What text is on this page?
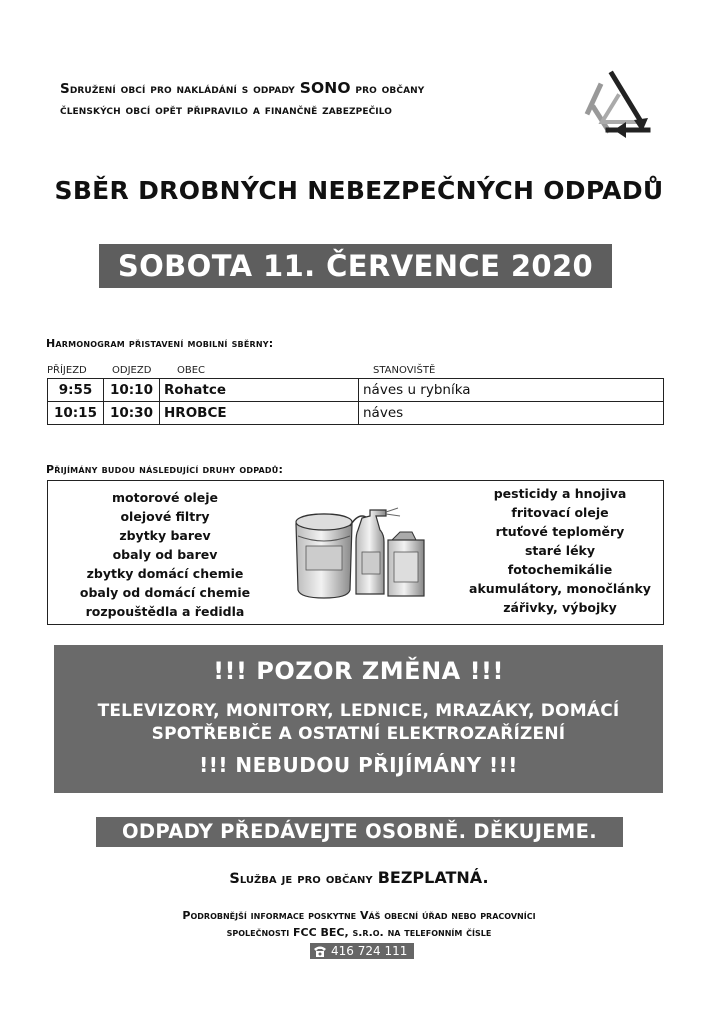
Sdružení obcí pro nakládání s odpady SONO pro občany
členských obcí opět připravilo a finančně zabezpečilo
SBĚR DROBNÝCH NEBEZPEČNÝCH ODPADŮ
SOBOTA 11. ČERVENCE 2020
Harmonogram přistavení mobilní sběrny:
PŘÍJEZD	ODJEZD	OBEC	STANOVIŠTĚ
9:55	10:10	Rohatce	náves u rybníka
10:15	10:30	HROBCE	náves
Přijímány budou následující druhy odpadů:
motorové oleje
olejové filtry
zbytky barev
obaly od barev
zbytky domácí chemie
obaly od domácí chemie
rozpouštědla a ředidla
pesticidy a hnojiva
fritovací oleje
rtuťové teploměry
staré léky
fotochemikálie
akumulátory, monočlánky
zářivky, výbojky
!!! POZOR ZMĚNA !!!
TELEVIZORY, MONITORY, LEDNICE, MRAZÁKY, DOMÁCÍ
SPOTŘEBIČE A OSTATNÍ ELEKTROZAŘÍZENÍ
!!! NEBUDOU PŘIJÍMÁNY !!!
ODPADY PŘEDÁVEJTE OSOBNĚ. DĚKUJEME.
Služba je pro občany BEZPLATNÁ.
Podrobnější informace poskytne Váš obecní úřad nebo pracovníci
společnosti FCC BEC, s.r.o. na telefonním čísle
416 724 111
